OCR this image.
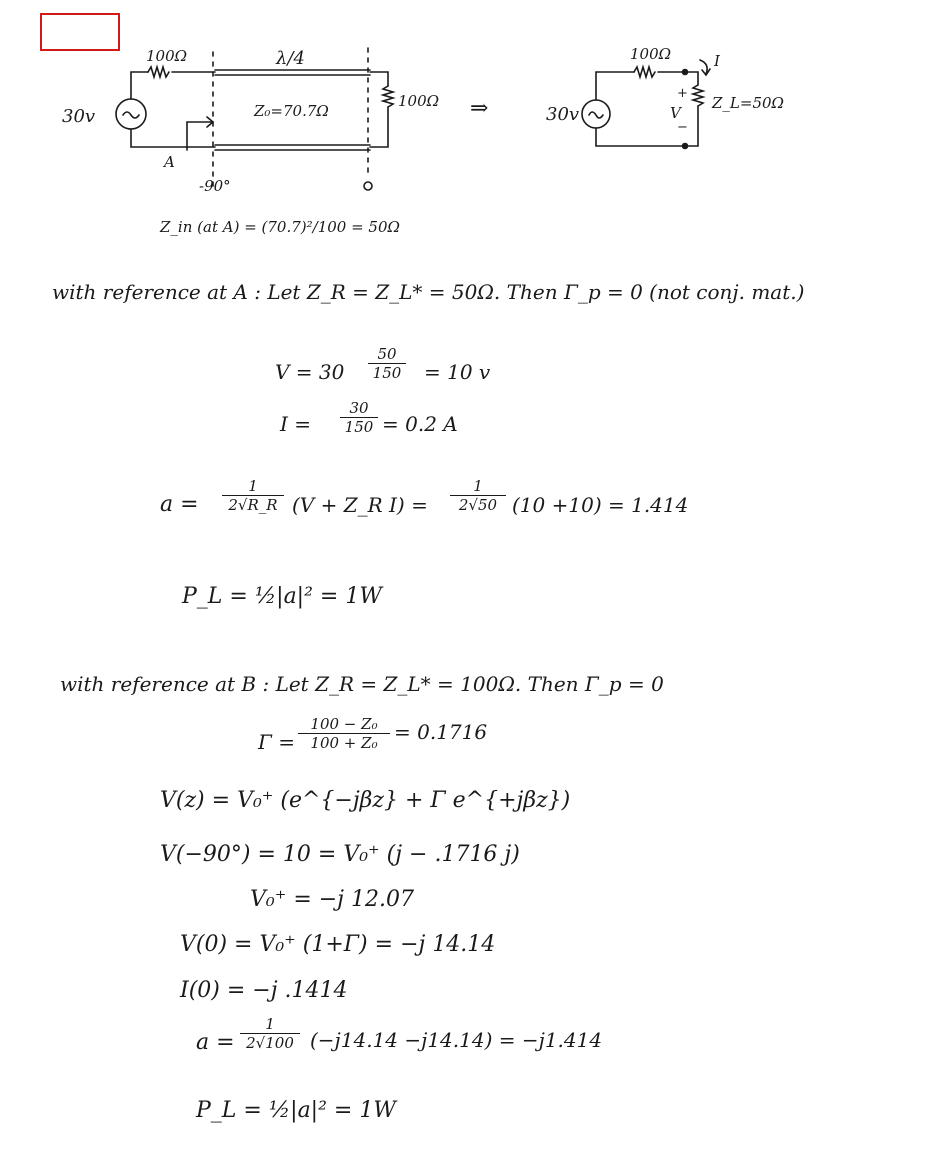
100Ω	λ/4
30v	Z₀=70.7Ω
100Ω
A
-90°
⇒
100Ω	I
30v
+
V
−
Z_L=50Ω
Z_in (at A) = (70.7)²/100 = 50Ω
with reference at A : Let Z_R = Z_L* = 50Ω. Then Γ_p = 0 (not conj. mat.)
V = 30
50
150 = 10 v
I =
30
150 = 0.2 A
a =
1
2√R_R (V + Z_R I) =
1
2√50 (10 +10) = 1.414
P_L = ½|a|² = 1W
with reference at B : Let Z_R = Z_L* = 100Ω. Then Γ_p = 0
Γ =
100 − Z₀
100 + Z₀ = 0.1716
V(z) = V₀⁺ (e^{−jβz} + Γ e^{+jβz})
V(−90°) = 10 = V₀⁺ (j − .1716 j)
V₀⁺ = −j 12.07
V(0) = V₀⁺ (1+Γ) = −j 14.14
I(0) = −j .1414
a =
1
2√100 (−j14.14 −j14.14) = −j1.414
P_L = ½|a|² = 1W
